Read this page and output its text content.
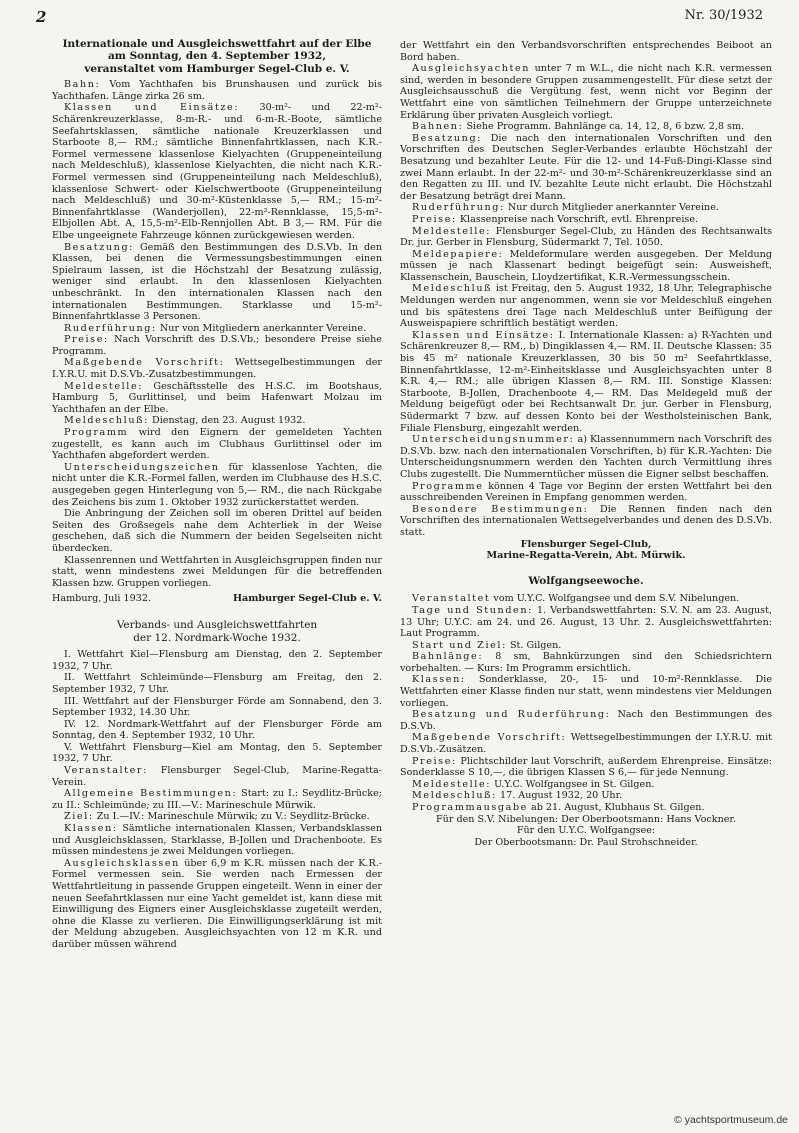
2	Nr. 30/1932
Internationale und Ausgleichswettfahrt auf der Elbe
am Sonntag, den 4. September 1932,
veranstaltet vom Hamburger Segel-Club e. V.

Bahn: Vom Yachthafen bis Brunshausen und zurück bis Yachthafen. Länge zirka 26 sm.

Klassen und Einsätze: 30-m²- und 22-m²-Schärenkreuzerklasse, 8-m-R.- und 6-m-R.-Boote, sämtliche Seefahrtsklassen, sämtliche nationale Kreuzerklassen und Starboote 8,— RM.; sämtliche Binnenfahrtklassen, nach K.R.-Formel vermessene klassenlose Kielyachten (Gruppeneinteilung nach Meldeschluß), klassenlose Kielyachten, die nicht nach K.R.-Formel vermessen sind (Gruppeneinteilung nach Meldeschluß), klassenlose Schwert- oder Kielschwertboote (Gruppeneinteilung nach Meldeschluß) und 30-m²-Küstenklasse 5,— RM.; 15-m²-Binnenfahrtklasse (Wanderjollen), 22-m²-Rennklasse, 15,5-m²-Elbjollen Abt. A, 15,5-m²-Elb-Rennjollen Abt. B 3,— RM. Für die Elbe ungeeignete Fahrzeuge können zurückgewiesen werden.

Besatzung: Gemäß den Bestimmungen des D.S.Vb. In den Klassen, bei denen die Vermessungsbestimmungen einen Spielraum lassen, ist die Höchstzahl der Besatzung zulässig, weniger sind erlaubt. In den klassenlosen Kielyachten unbeschränkt. In den internationalen Klassen nach den internationalen Bestimmungen. Starklasse und 15-m²-Binnenfahrtklasse 3 Personen.

Ruderführung: Nur von Mitgliedern anerkannter Vereine.

Preise: Nach Vorschrift des D.S.Vb.; besondere Preise siehe Programm.

Maßgebende Vorschrift: Wettsegelbestimmungen der I.Y.R.U. mit D.S.Vb.-Zusatzbestimmungen.

Meldestelle: Geschäftsstelle des H.S.C. im Bootshaus, Hamburg 5, Gurlittinsel, und beim Hafenwart Molzau im Yachthafen an der Elbe.

Meldeschluß: Dienstag, den 23. August 1932.

Programm wird den Eignern der gemeldeten Yachten zugestellt, es kann auch im Clubhaus Gurlittinsel oder im Yachthafen abgefordert werden.

Unterscheidungszeichen für klassenlose Yachten, die nicht unter die K.R.-Formel fallen, werden im Clubhause des H.S.C. ausgegeben gegen Hinterlegung von 5,— RM., die nach Rückgabe des Zeichens bis zum 1. Oktober 1932 zurückerstattet werden.

Die Anbringung der Zeichen soll im oberen Drittel auf beiden Seiten des Großsegels nahe dem Achterliek in der Weise geschehen, daß sich die Nummern der beiden Segelseiten nicht überdecken.

Klassenrennen und Wettfahrten in Ausgleichsgruppen finden nur statt, wenn mindestens zwei Meldungen für die betreffenden Klassen bzw. Gruppen vorliegen.

Hamburg, Juli 1932.	Hamburger Segel-Club e. V.
Verbands- und Ausgleichswettfahrten
der 12. Nordmark-Woche 1932.

I. Wettfahrt Kiel—Flensburg am Dienstag, den 2. September 1932, 7 Uhr.

II. Wettfahrt Schleimünde—Flensburg am Freitag, den 2. September 1932, 7 Uhr.

III. Wettfahrt auf der Flensburger Förde am Sonnabend, den 3. September 1932, 14.30 Uhr.

IV. 12. Nordmark-Wettfahrt auf der Flensburger Förde am Sonntag, den 4. September 1932, 10 Uhr.

V. Wettfahrt Flensburg—Kiel am Montag, den 5. September 1932, 7 Uhr.

Veranstalter: Flensburger Segel-Club, Marine-Regatta-Verein.

Allgemeine Bestimmungen: Start: zu I.: Seydlitz-Brücke; zu II.: Schleimünde; zu III.—V.: Marineschule Mürwik.

Ziel: Zu I.—IV.: Marineschule Mürwik; zu V.: Seydlitz-Brücke.

Klassen: Sämtliche internationalen Klassen, Verbandsklassen und Ausgleichsklassen, Starklasse, B-Jollen und Drachenboote. Es müssen mindestens je zwei Meldungen vorliegen.

Ausgleichsklassen über 6,9 m K.R. müssen nach der K.R.-Formel vermessen sein. Sie werden nach Ermessen der Wettfahrtleitung in passende Gruppen eingeteilt. Wenn in einer der neuen Seefahrtklassen nur eine Yacht gemeldet ist, kann diese mit Einwilligung des Eigners einer Ausgleichsklasse zugeteilt werden, ohne die Klasse zu verlieren. Die Einwilligungserklärung ist mit der Meldung abzugeben. Ausgleichsyachten von 12 m K.R. und darüber müssen während

der Wettfahrt ein den Verbandsvorschriften entsprechendes Beiboot an Bord haben.

Ausgleichsyachten unter 7 m W.L., die nicht nach K.R. vermessen sind, werden in besondere Gruppen zusammengestellt. Für diese setzt der Ausgleichsausschuß die Vergütung fest, wenn nicht vor Beginn der Wettfahrt eine von sämtlichen Teilnehmern der Gruppe unterzeichnete Erklärung über privaten Ausgleich vorliegt.

Bahnen: Siehe Programm. Bahnlänge ca. 14, 12, 8, 6 bzw. 2,8 sm.

Besatzung: Die nach den internationalen Vorschriften und den Vorschriften des Deutschen Segler-Verbandes erlaubte Höchstzahl der Besatzung und bezahlter Leute. Für die 12- und 14-Fuß-Dingi-Klasse sind zwei Mann erlaubt. In der 22-m²- und 30-m²-Schärenkreuzerklasse sind an den Regatten zu III. und IV. bezahlte Leute nicht erlaubt. Die Höchstzahl der Besatzung beträgt drei Mann.

Ruderführung: Nur durch Mitglieder anerkannter Vereine.

Preise: Klassenpreise nach Vorschrift, evtl. Ehrenpreise.

Meldestelle: Flensburger Segel-Club, zu Händen des Rechtsanwalts Dr. jur. Gerber in Flensburg, Südermarkt 7, Tel. 1050.

Meldepapiere: Meldeformulare werden ausgegeben. Der Meldung müssen je nach Klassenart bedingt beigefügt sein: Ausweisheft, Klassenschein, Bauschein, Lloydzertifikat, K.R.-Vermessungsschein.

Meldeschluß ist Freitag, den 5. August 1932, 18 Uhr. Telegraphische Meldungen werden nur angenommen, wenn sie vor Meldeschluß eingehen und bis spätestens drei Tage nach Meldeschluß unter Beifügung der Ausweispapiere schriftlich bestätigt werden.

Klassen und Einsätze: I. Internationale Klassen: a) R-Yachten und Schärenkreuzer 8,— RM., b) Dingiklassen 4,— RM. II. Deutsche Klassen: 35 bis 45 m² nationale Kreuzerklassen, 30 bis 50 m² Seefahrtklasse, Binnenfahrtklasse, 12-m²-Einheitsklasse und Ausgleichsyachten unter 8 K.R. 4,— RM.; alle übrigen Klassen 8,— RM. III. Sonstige Klassen: Starboote, B-Jollen, Drachenboote 4,— RM. Das Meldegeld muß der Meldung beigefügt oder bei Rechtsanwalt Dr. jur. Gerber in Flensburg, Südermarkt 7 bzw. auf dessen Konto bei der Westholsteinischen Bank, Filiale Flensburg, eingezahlt werden.

Unterscheidungsnummer: a) Klassennummern nach Vorschrift des D.S.Vb. bzw. nach den internationalen Vorschriften, b) für K.R.-Yachten: Die Unterscheidungsnummern werden den Yachten durch Vermittlung ihres Clubs zugestellt. Die Nummerntücher müssen die Eigner selbst beschaffen.

Programme können 4 Tage vor Beginn der ersten Wettfahrt bei den ausschreibenden Vereinen in Empfang genommen werden.

Besondere Bestimmungen: Die Rennen finden nach den Vorschriften des internationalen Wettsegelverbandes und denen des D.S.Vb. statt.

Flensburger Segel-Club,

Marine-Regatta-Verein, Abt. Mürwik.

Wolfgangseewoche.

Veranstaltet vom U.Y.C. Wolfgangsee und dem S.V. Nibelungen.

Tage und Stunden: 1. Verbandswettfahrten: S.V. N. am 23. August, 13 Uhr; U.Y.C. am 24. und 26. August, 13 Uhr. 2. Ausgleichswettfahrten: Laut Programm.

Start und Ziel: St. Gilgen.

Bahnlänge: 8 sm, Bahnkürzungen sind den Schiedsrichtern vorbehalten. — Kurs: Im Programm ersichtlich.

Klassen: Sonderklasse, 20-, 15- und 10-m²-Rennklasse. Die Wettfahrten einer Klasse finden nur statt, wenn mindestens vier Meldungen vorliegen.

Besatzung und Ruderführung: Nach den Bestimmungen des D.S.Vb.

Maßgebende Vorschrift: Wettsegelbestimmungen der I.Y.R.U. mit D.S.Vb.-Zusätzen.

Preise: Plichtschilder laut Vorschrift, außerdem Ehrenpreise. Einsätze: Sonderklasse S 10,—, die übrigen Klassen S 6,— für jede Nennung.

Meldestelle: U.Y.C. Wolfgangsee in St. Gilgen.

Meldeschluß: 17. August 1932, 20 Uhr.

Programmausgabe ab 21. August, Klubhaus St. Gilgen.

Für den S.V. Nibelungen: Der Oberbootsmann: Hans Vockner.

Für den U.Y.C. Wolfgangsee:

Der Oberbootsmann: Dr. Paul Strohschneider.

© yachtsportmuseum.de
